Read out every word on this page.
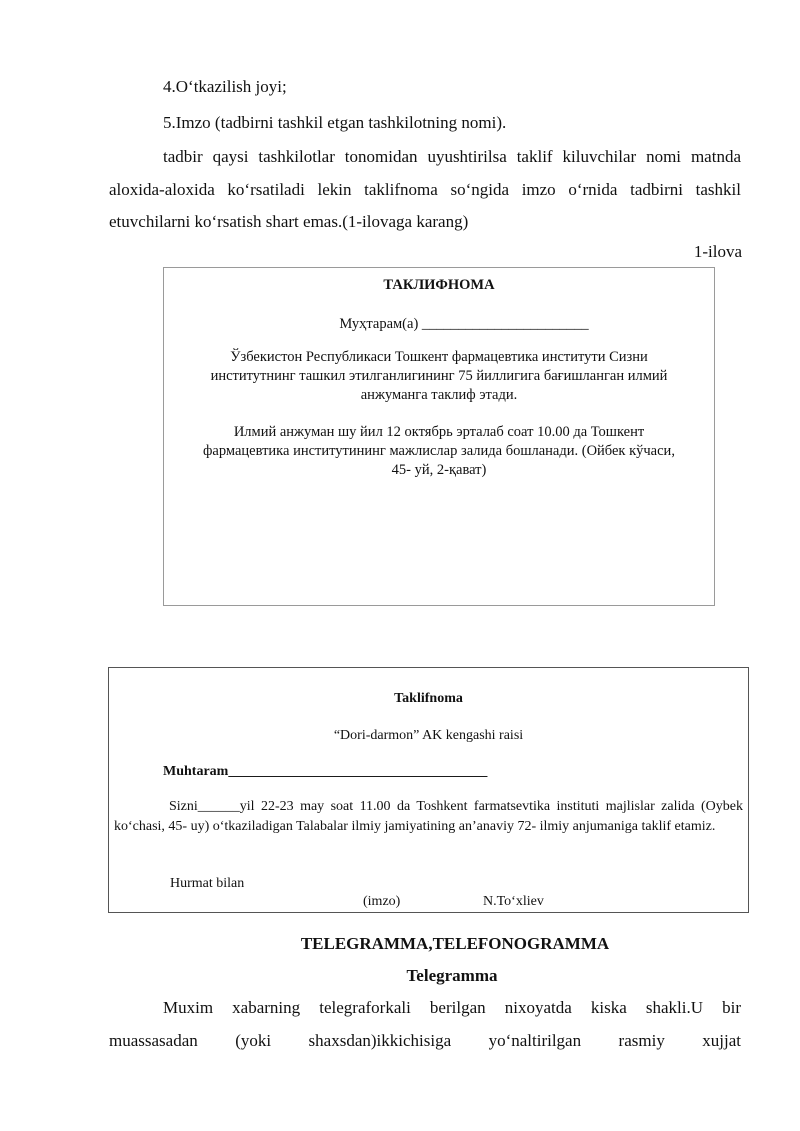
4.O‘tkazilish joyi;
5.Imzo (tadbirni tashkil etgan tashkilotning nomi).
tadbir qaysi tashkilotlar tonomidan uyushtirilsa taklif kiluvchilar nomi matnda
aloxida-aloxida ko‘rsatiladi lekin taklifnoma so‘ngida imzo o‘rnida tadbirni tashkil
etuvchilarni ko‘rsatish shart emas.(1-ilovaga karang)
1-ilova
ТАКЛИФНОМА
Муҳтарам(а) _______________________
Ўзбекистон Республикаси Тошкент фармацевтика институти Сизни
институтнинг ташкил этилганлигининг 75 йиллигига бағишланган илмий
анжуманга таклиф этади.
Илмий анжуман шу йил 12 октябрь эрталаб соат 10.00 да Тошкент
фармацевтика институтининг мажлислар залида бошланади. (Ойбек кўчаси,
45- уй, 2-қават)
Taklifnoma
“Dori-darmon” AK kengashi raisi
Muhtaram_____________________________________
Sizni______yil 22-23 may soat 11.00 da Toshkent farmatsevtika instituti majlislar zalida (Oybek ko‘chasi, 45- uy) o‘tkaziladigan Talabalar ilmiy jamiyatining an’anaviy 72- ilmiy anjumaniga taklif etamiz.
Hurmat bilan
(imzo)	N.To‘xliev
TELEGRAMMA,TELEFONOGRAMMA
Telegramma
Muxim xabarning telegraforkali berilgan nixoyatda kiska shakli.U bir
muassasadan (yoki shaxsdan)ikkichisiga yo‘naltirilgan rasmiy xujjat
